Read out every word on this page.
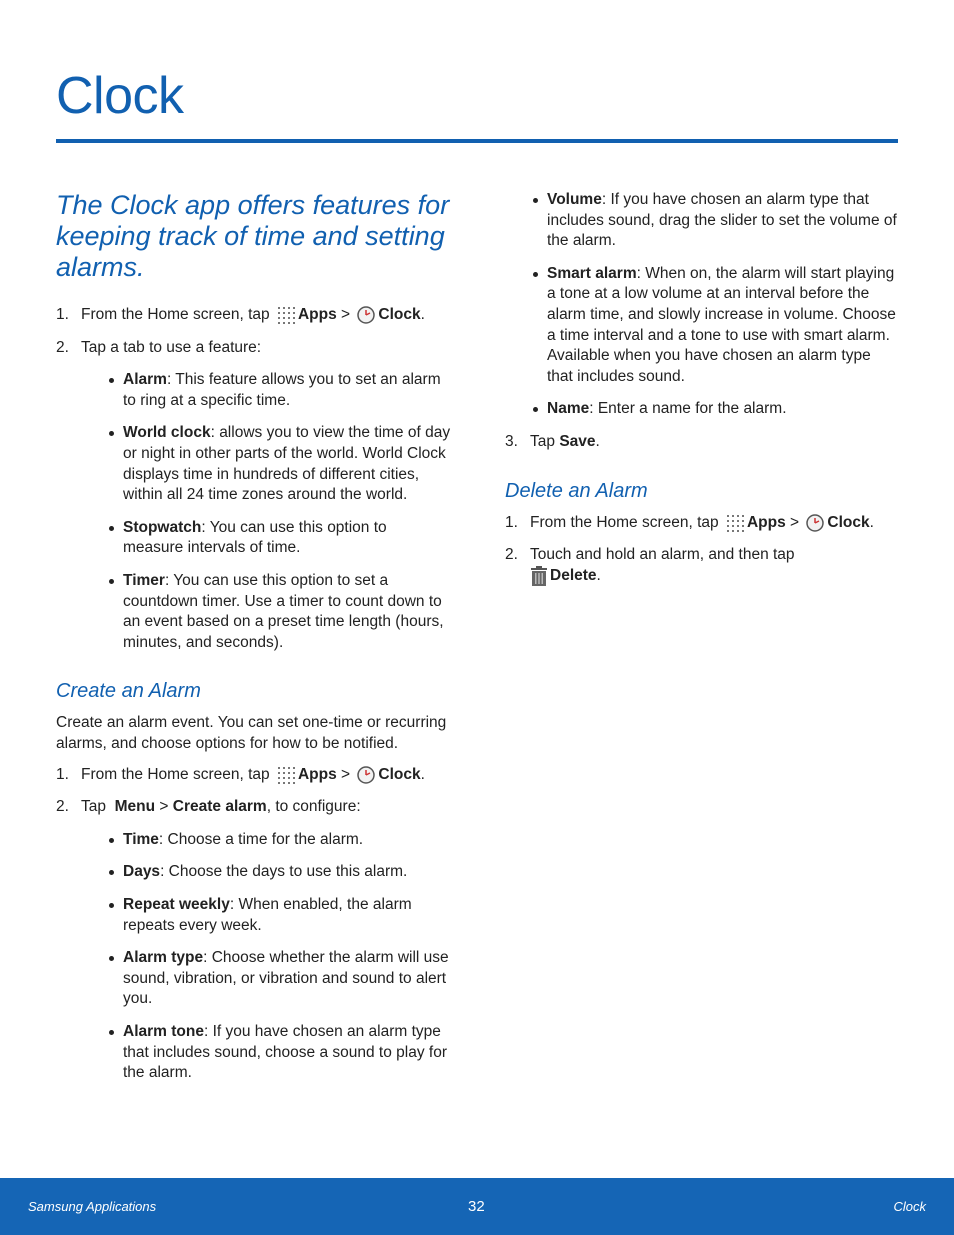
Clock
The Clock app offers features for keeping track of time and setting alarms.
1. From the Home screen, tap Apps > Clock.
2. Tap a tab to use a feature:
Alarm: This feature allows you to set an alarm to ring at a specific time.
World clock: allows you to view the time of day or night in other parts of the world. World Clock displays time in hundreds of different cities, within all 24 time zones around the world.
Stopwatch: You can use this option to measure intervals of time.
Timer: You can use this option to set a countdown timer. Use a timer to count down to an event based on a preset time length (hours, minutes, and seconds).
Create an Alarm

Create an alarm event. You can set one-time or recurring alarms, and choose options for how to be notified.

1. From the Home screen, tap Apps > Clock.
2. Tap Menu > Create alarm, to configure:
Time: Choose a time for the alarm.
Days: Choose the days to use this alarm.
Repeat weekly: When enabled, the alarm repeats every week.
Alarm type: Choose whether the alarm will use sound, vibration, or vibration and sound to alert you.
Alarm tone: If you have chosen an alarm type that includes sound, choose a sound to play for the alarm.
Volume: If you have chosen an alarm type that includes sound, drag the slider to set the volume of the alarm.
Smart alarm: When on, the alarm will start playing a tone at a low volume at an interval before the alarm time, and slowly increase in volume. Choose a time interval and a tone to use with smart alarm. Available when you have chosen an alarm type that includes sound.
Name: Enter a name for the alarm.
3. Tap Save.
Delete an Alarm
1. From the Home screen, tap Apps > Clock.
2. Touch and hold an alarm, and then tap
Delete.
Samsung Applications	32	Clock
